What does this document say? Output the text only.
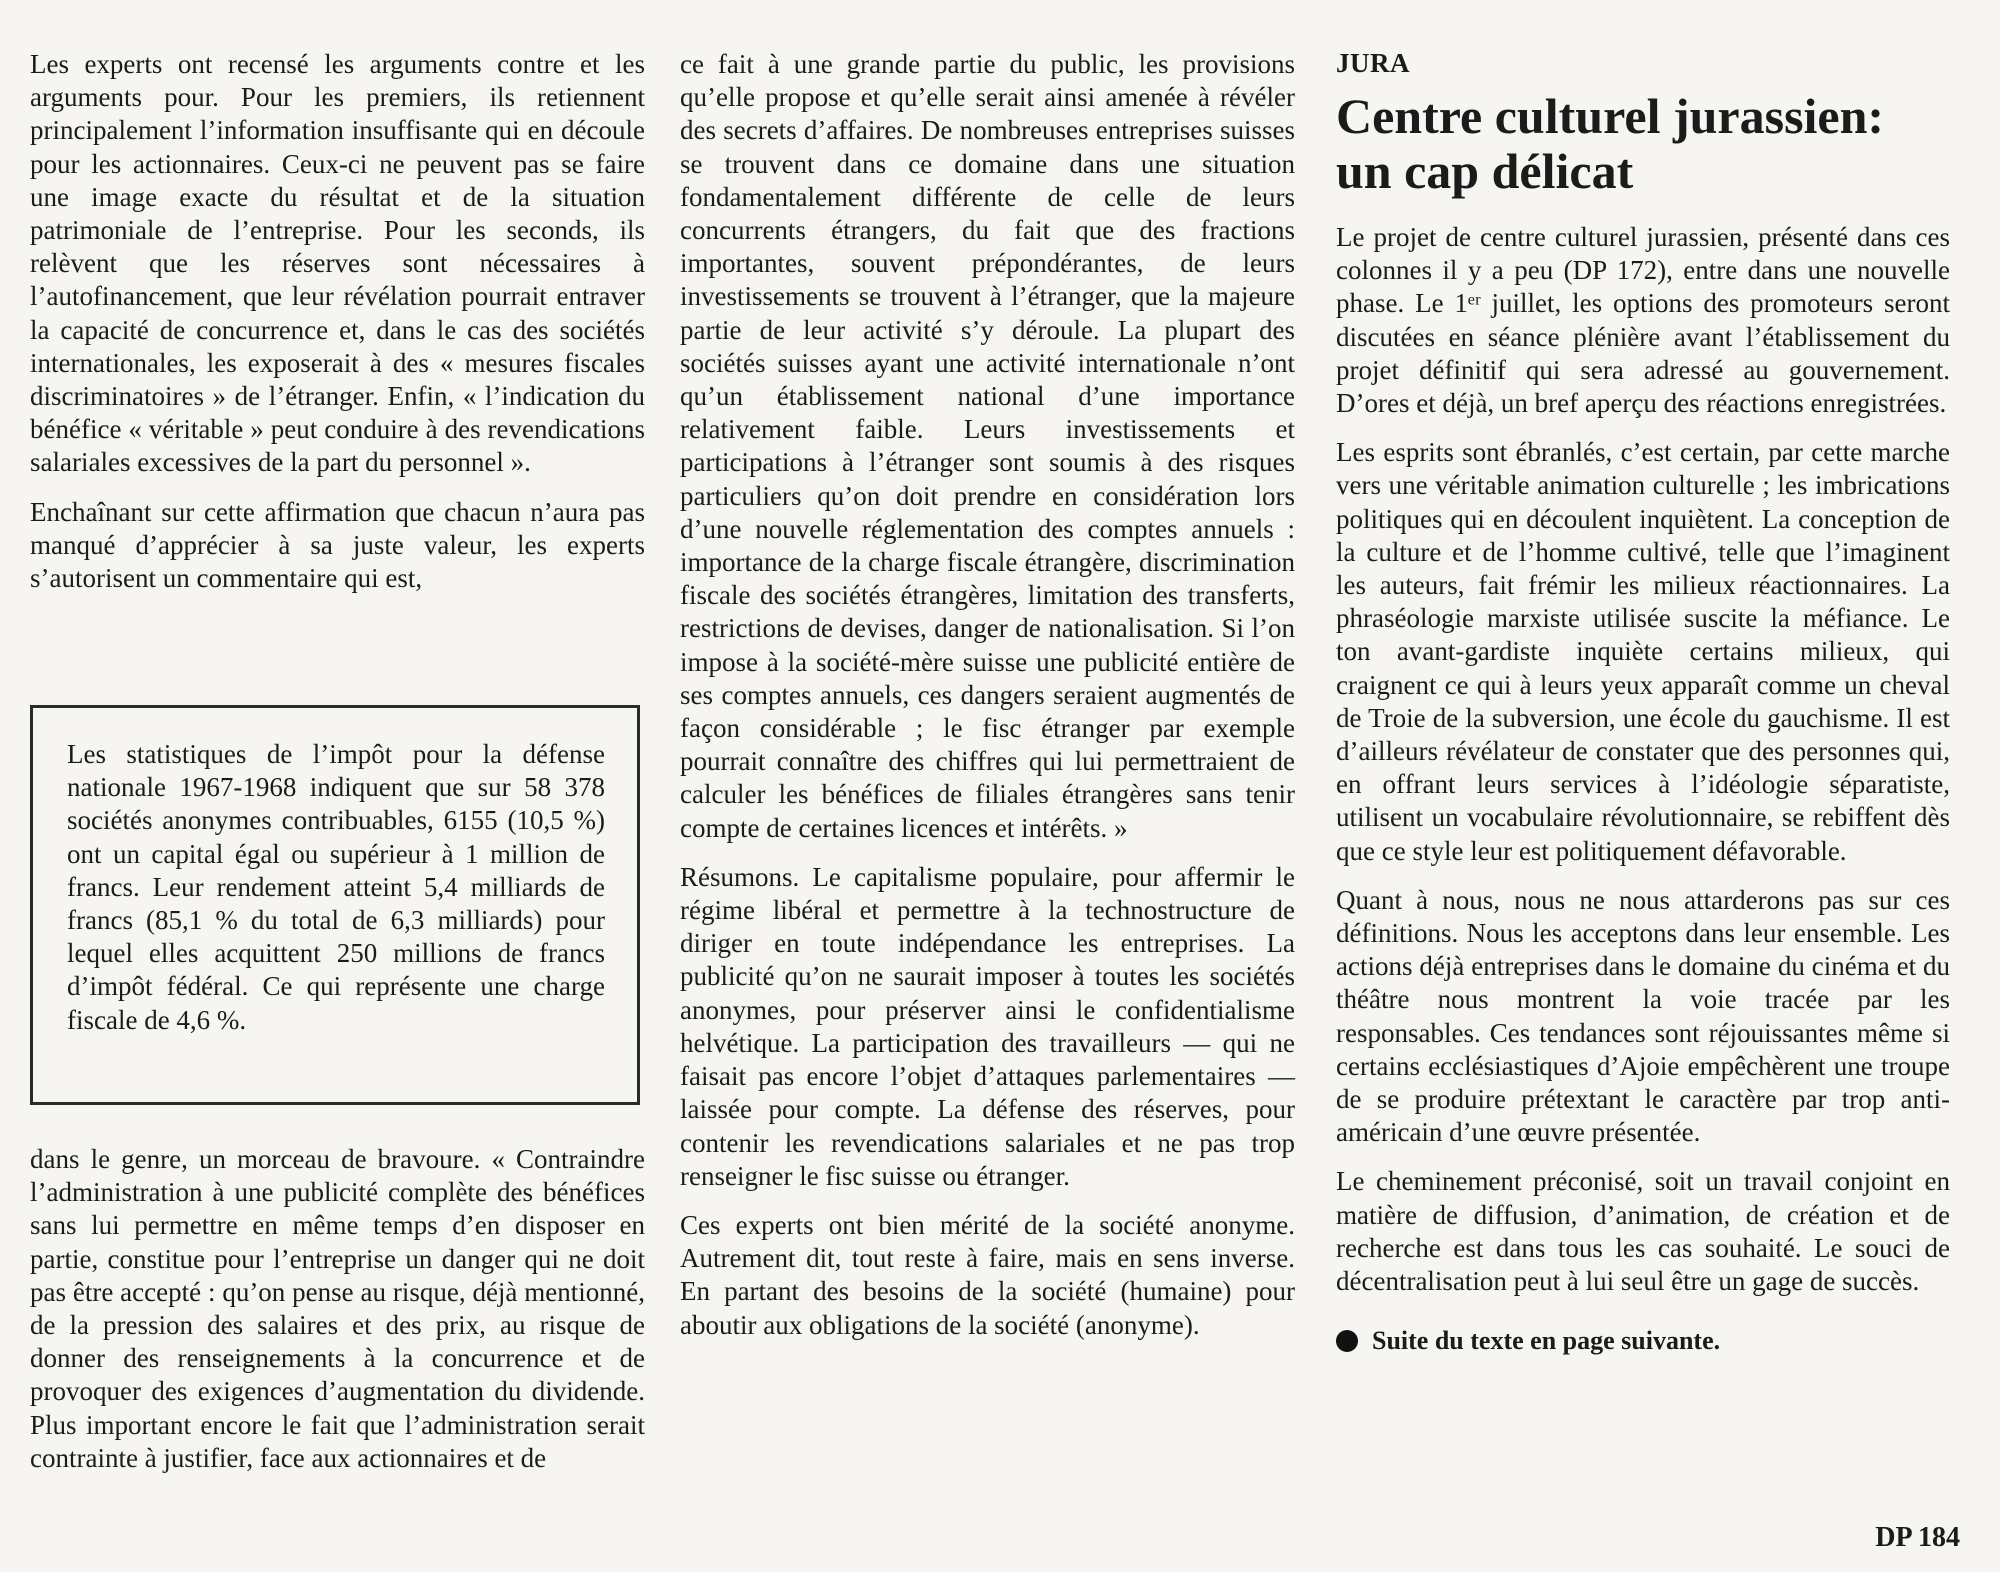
Les experts ont recensé les arguments contre et les arguments pour. Pour les premiers, ils retiennent principalement l’information insuffisante qui en découle pour les actionnaires. Ceux-ci ne peuvent pas se faire une image exacte du résultat et de la situation patrimoniale de l’entreprise. Pour les seconds, ils relèvent que les réserves sont nécessaires à l’autofinancement, que leur révélation pourrait entraver la capacité de concurrence et, dans le cas des sociétés internationales, les exposerait à des « mesures fiscales discriminatoires » de l’étranger. Enfin, « l’indication du bénéfice « véritable » peut conduire à des revendications salariales excessives de la part du personnel ».

Enchaînant sur cette affirmation que chacun n’aura pas manqué d’apprécier à sa juste valeur, les experts s’autorisent un commentaire qui est,

Les statistiques de l’impôt pour la défense nationale 1967-1968 indiquent que sur 58 378 sociétés anonymes contribuables, 6155 (10,5 %) ont un capital égal ou supérieur à 1 million de francs. Leur rendement atteint 5,4 milliards de francs (85,1 % du total de 6,3 milliards) pour lequel elles acquittent 250 millions de francs d’impôt fédéral. Ce qui représente une charge fiscale de 4,6 %.

dans le genre, un morceau de bravoure. « Contraindre l’administration à une publicité complète des bénéfices sans lui permettre en même temps d’en disposer en partie, constitue pour l’entreprise un danger qui ne doit pas être accepté : qu’on pense au risque, déjà mentionné, de la pression des salaires et des prix, au risque de donner des renseignements à la concurrence et de provoquer des exigences d’augmentation du dividende. Plus important encore le fait que l’administration serait contrainte à justifier, face aux actionnaires et de

ce fait à une grande partie du public, les provisions qu’elle propose et qu’elle serait ainsi amenée à révéler des secrets d’affaires. De nombreuses entreprises suisses se trouvent dans ce domaine dans une situation fondamentalement différente de celle de leurs concurrents étrangers, du fait que des fractions importantes, souvent prépondérantes, de leurs investissements se trouvent à l’étranger, que la majeure partie de leur activité s’y déroule. La plupart des sociétés suisses ayant une activité internationale n’ont qu’un établissement national d’une importance relativement faible. Leurs investissements et participations à l’étranger sont soumis à des risques particuliers qu’on doit prendre en considération lors d’une nouvelle réglementation des comptes annuels : importance de la charge fiscale étrangère, discrimination fiscale des sociétés étrangères, limitation des transferts, restrictions de devises, danger de nationalisation. Si l’on impose à la société-mère suisse une publicité entière de ses comptes annuels, ces dangers seraient augmentés de façon considérable ; le fisc étranger par exemple pourrait connaître des chiffres qui lui permettraient de calculer les bénéfices de filiales étrangères sans tenir compte de certaines licences et intérêts. »

Résumons. Le capitalisme populaire, pour affermir le régime libéral et permettre à la technostructure de diriger en toute indépendance les entreprises. La publicité qu’on ne saurait imposer à toutes les sociétés anonymes, pour préserver ainsi le confidentialisme helvétique. La participation des travailleurs — qui ne faisait pas encore l’objet d’attaques parlementaires — laissée pour compte. La défense des réserves, pour contenir les revendications salariales et ne pas trop renseigner le fisc suisse ou étranger.

Ces experts ont bien mérité de la société anonyme. Autrement dit, tout reste à faire, mais en sens inverse. En partant des besoins de la société (humaine) pour aboutir aux obligations de la société (anonyme).

JURA
Centre culturel jurassien: un cap délicat

Le projet de centre culturel jurassien, présenté dans ces colonnes il y a peu (DP 172), entre dans une nouvelle phase. Le 1ᵉʳ juillet, les options des promoteurs seront discutées en séance plénière avant l’établissement du projet définitif qui sera adressé au gouvernement. D’ores et déjà, un bref aperçu des réactions enregistrées.

Les esprits sont ébranlés, c’est certain, par cette marche vers une véritable animation culturelle ; les imbrications politiques qui en découlent inquiètent. La conception de la culture et de l’homme cultivé, telle que l’imaginent les auteurs, fait frémir les milieux réactionnaires. La phraséologie marxiste utilisée suscite la méfiance. Le ton avant-gardiste inquiète certains milieux, qui craignent ce qui à leurs yeux apparaît comme un cheval de Troie de la subversion, une école du gauchisme. Il est d’ailleurs révélateur de constater que des personnes qui, en offrant leurs services à l’idéologie séparatiste, utilisent un vocabulaire révolutionnaire, se rebiffent dès que ce style leur est politiquement défavorable.

Quant à nous, nous ne nous attarderons pas sur ces définitions. Nous les acceptons dans leur ensemble. Les actions déjà entreprises dans le domaine du cinéma et du théâtre nous montrent la voie tracée par les responsables. Ces tendances sont réjouissantes même si certains ecclésiastiques d’Ajoie empêchèrent une troupe de se produire prétextant le caractère par trop anti-américain d’une œuvre présentée.

Le cheminement préconisé, soit un travail conjoint en matière de diffusion, d’animation, de création et de recherche est dans tous les cas souhaité. Le souci de décentralisation peut à lui seul être un gage de succès.

Suite du texte en page suivante.
DP 184
